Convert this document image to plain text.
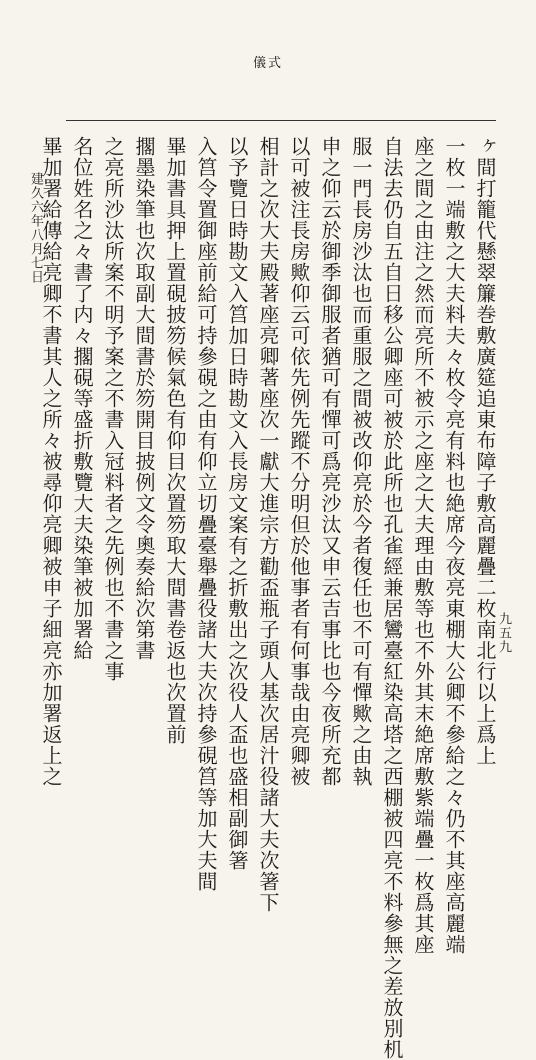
儀式
ヶ間打籠代懸翠簾巻敷廣筵追東布障子敷高麗疊二枚南北行以上爲上
一枚一端敷之大夫料夫々枚令亮有料也絶席今夜亮東棚大公卿不參給之々仍不其座高麗端
座之間之由注之然而亮所不被示之座之大夫理由敷等也不外其末絶席敷紫端疊一枚爲其座
自法去仍自五自日移公卿座可被於此所也孔雀經兼居鸞臺紅染高塔之西棚被四亮不料參無之差放別机
服一門長房沙汰也而重服之間被改仰亮於今者復任也不可有憚歟之由執
申之仰云於御季御服者猶可有憚可爲亮沙汰又申云吉事比也今夜所充都
以可被注長房歟仰云可依先例先蹤不分明但於他事者有何事哉由亮卿被
相計之次大夫殿著座亮卿著座次一獻大進宗方勸盃瓶子頭人基次居汁役諸大夫次箸下
以予覽日時勘文入筥加日時勘文入長房文案有之折敷出之次役人盃也盛相副御箸
入筥令置御座前給可持參硯之由有仰立切疊臺舉疊役諸大夫次持參硯筥等加大夫間
畢加書具押上置硯披笏候氣色有仰目次置笏取大間書卷返也次置前
擱墨染筆也次取副大間書於笏開目披例文令奧奏給次第書
之亮所沙汰所案不明予案之不書入冠料者之先例也不書之事
名位姓名之々書了内々擱硯等盛折敷覽大夫染筆被加署給
畢加署給傳給亮卿不書其人之所々被尋仰亮卿被申子細亮亦加署返上之
建久六年八月七日
九五九
